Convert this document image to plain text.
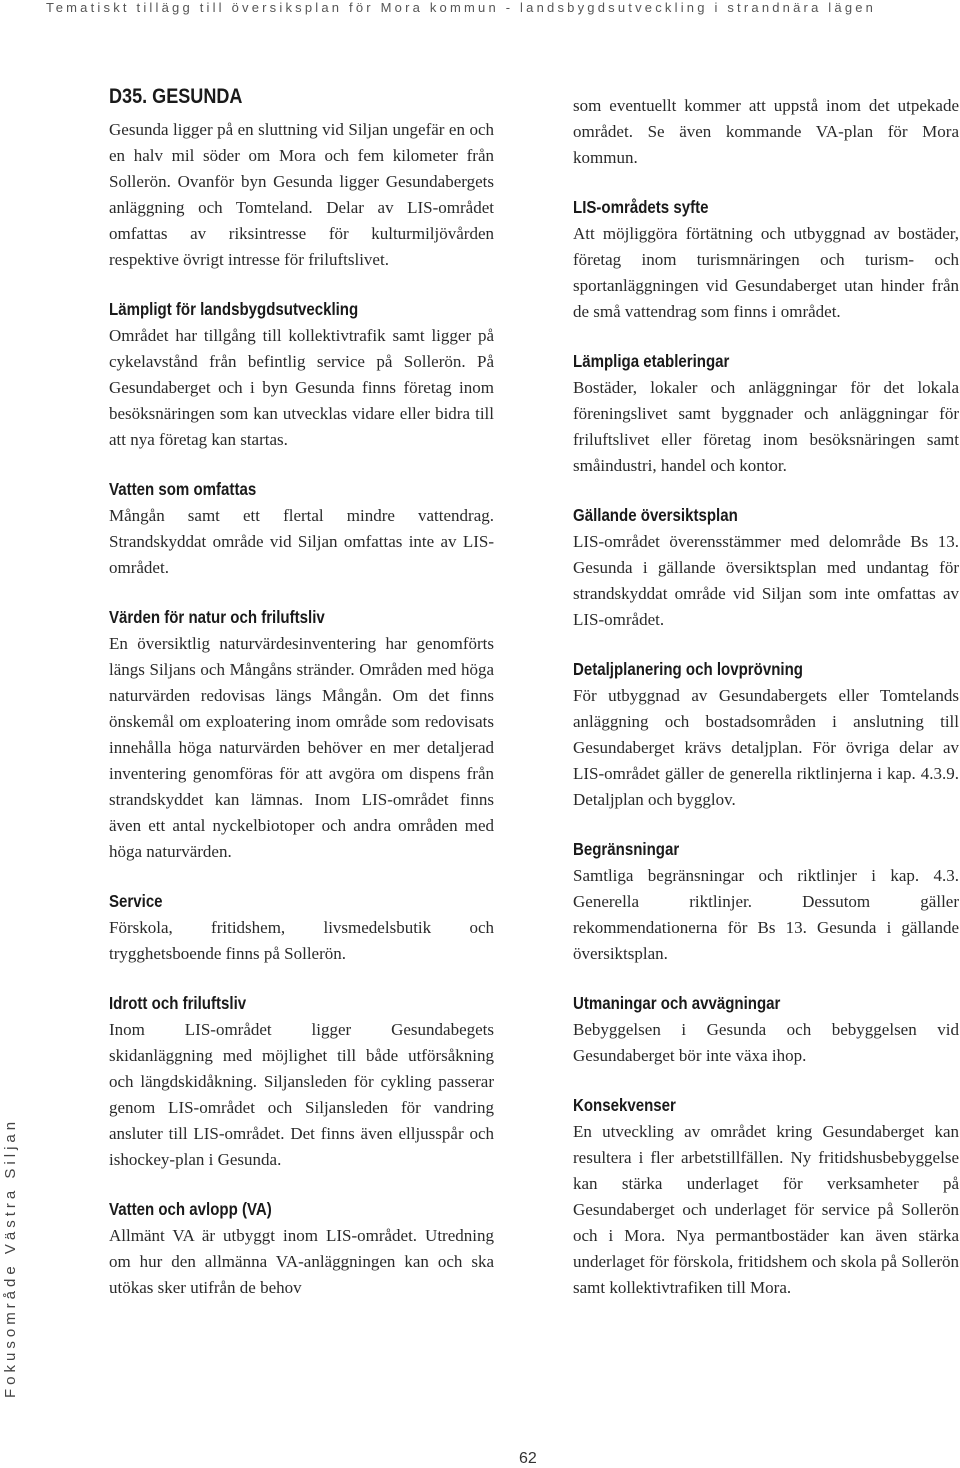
Tematiskt tillägg till översiksplan för Mora kommun - landsbygdsutveckling i strandnära lägen
Fokusområde Västra Siljan
D35. GESUNDA

Gesunda ligger på en sluttning vid Siljan ungefär en och en halv mil söder om Mora och fem kilometer från Sollerön. Ovanför byn Gesunda ligger Gesundabergets anläggning och Tomteland. Delar av LIS-området omfattas av riksintresse för kulturmiljövården respektive övrigt intresse för friluftslivet.

Lämpligt för landsbygdsutveckling

Området har tillgång till kollektivtrafik samt ligger på cykelavstånd från befintlig service på Sollerön. På Gesundaberget och i byn Gesunda finns företag inom besöksnäringen som kan utvecklas vidare eller bidra till att nya företag kan startas.

Vatten som omfattas

Mångån samt ett flertal mindre vattendrag. Strandskyddat område vid Siljan omfattas inte av LIS-området.

Värden för natur och friluftsliv

En översiktlig naturvärdesinventering har genomförts längs Siljans och Mångåns stränder. Områden med höga naturvärden redovisas längs Mångån. Om det finns önskemål om exploatering inom område som redovisats innehålla höga naturvärden behöver en mer detaljerad inventering genomföras för att avgöra om dispens från strandskyddet kan lämnas. Inom LIS-området finns även ett antal nyckelbiotoper och andra områden med höga naturvärden.

Service

Förskola, fritidshem, livsmedelsbutik och trygghetsboende finns på Sollerön.

Idrott och friluftsliv

Inom LIS-området ligger Gesundabegets skidanläggning med möjlighet till både utförsåkning och längdskidåkning. Siljansleden för cykling passerar genom LIS-området och Siljansleden för vandring ansluter till LIS-området. Det finns även elljusspår och ishockey-plan i Gesunda.

Vatten och avlopp (VA)

Allmänt VA är utbyggt inom LIS-området. Utredning om hur den allmänna VA-anläggningen kan och ska utökas sker utifrån de behov

som eventuellt kommer att uppstå inom det utpekade området. Se även kommande VA-plan för Mora kommun.

LIS-områdets syfte

Att möjliggöra förtätning och utbyggnad av bostäder, företag inom turismnäringen och turism- och sportanläggningen vid Gesundaberget utan hinder från de små vattendrag som finns i området.

Lämpliga etableringar

Bostäder, lokaler och anläggningar för det lokala föreningslivet samt byggnader och anläggningar för friluftslivet eller företag inom besöksnäringen samt småindustri, handel och kontor.

Gällande översiktsplan

LIS-området överensstämmer med delområde Bs 13. Gesunda i gällande översiktsplan med undantag för strandskyddat område vid Siljan som inte omfattas av LIS-området.

Detaljplanering och lovprövning

För utbyggnad av Gesundabergets eller Tomtelands anläggning och bostadsområden i anslutning till Gesundaberget krävs detaljplan. För övriga delar av LIS-området gäller de generella riktlinjerna i kap. 4.3.9. Detaljplan och bygglov.

Begränsningar

Samtliga begränsningar och riktlinjer i kap. 4.3. Generella riktlinjer. Dessutom gäller rekommendationerna för Bs 13. Gesunda i gällande översiktsplan.

Utmaningar och avvägningar

Bebyggelsen i Gesunda och bebyggelsen vid Gesundaberget bör inte växa ihop.

Konsekvenser

En utveckling av området kring Gesundaberget kan resultera i fler arbetstillfällen. Ny fritidshusbebyggelse kan stärka underlaget för verksamheter på Gesundaberget och underlaget för service på Sollerön och i Mora. Nya permantbostäder kan även stärka underlaget för förskola, fritidshem och skola på Sollerön samt kollektivtrafiken till Mora.

62
